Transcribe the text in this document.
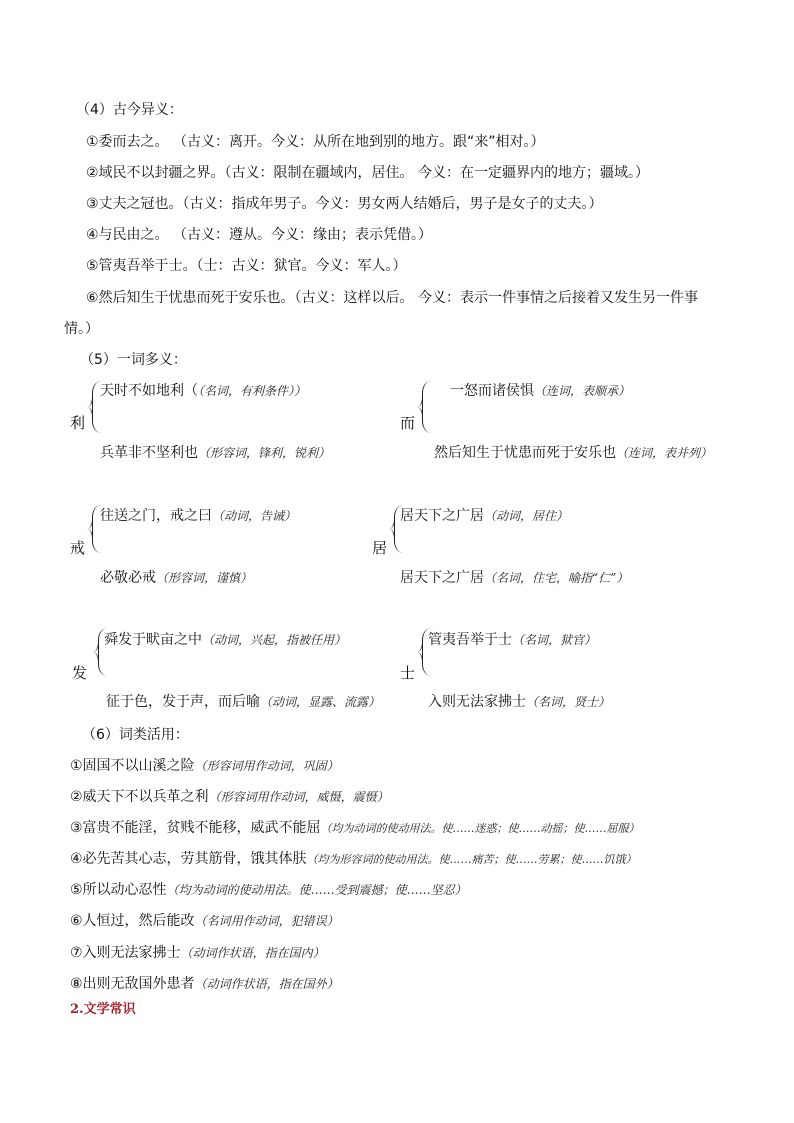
（4）古今异义：
①委而去之。 （古义：离开。今义：从所在地到别的地方。跟“来”相对。）
②域民不以封疆之界。（古义：限制在疆域内，居住。 今义：在一定疆界内的地方；疆域。）
③丈夫之冠也。（古义：指成年男子。今义：男女两人结婚后，男子是女子的丈夫。）
④与民由之。 （古义：遵从。今义：缘由；表示凭借。）
⑤管夷吾举于士。（士：古义：狱官。今义：军人。）
⑥然后知生于忧患而死于安乐也。（古义：这样以后。 今义：表示一件事情之后接着又发生另一件事
情。）
（5）一词多义：
利
天时不如地利（（名词，有利条件））
兵革非不坚利也（形容词，锋利，锐利）
而
一怒而诸侯惧（连词，表顺承）
然后知生于忧患而死于安乐也（连词，表并列）
戒
往送之门，戒之曰（动词，告诫）
必敬必戒（形容词，谨慎）
居
居天下之广居（动词，居住）
居天下之广居（名词，住宅，喻指“仁”）
发
舜发于畎亩之中（动词，兴起，指被任用）
征于色，发于声，而后喻（动词，显露、流露）
士
管夷吾举于士（名词，狱官）
入则无法家拂士（名词，贤士）
（6）词类活用：
①固国不以山溪之险（形容词用作动词，巩固）
②威天下不以兵革之利（形容词用作动词，威慑，震慑）
③富贵不能淫，贫贱不能移，威武不能屈（均为动词的使动用法。使……迷惑；使……动摇；使……屈服）
④必先苦其心志，劳其筋骨，饿其体肤（均为形容词的使动用法。使……痛苦；使……劳累；使……饥饿）
⑤所以动心忍性（均为动词的使动用法。使……受到震撼；使……坚忍）
⑥人恒过，然后能改（名词用作动词，犯错误）
⑦入则无法家拂士（动词作状语，指在国内）
⑧出则无敌国外患者（动词作状语，指在国外）
2.文学常识
